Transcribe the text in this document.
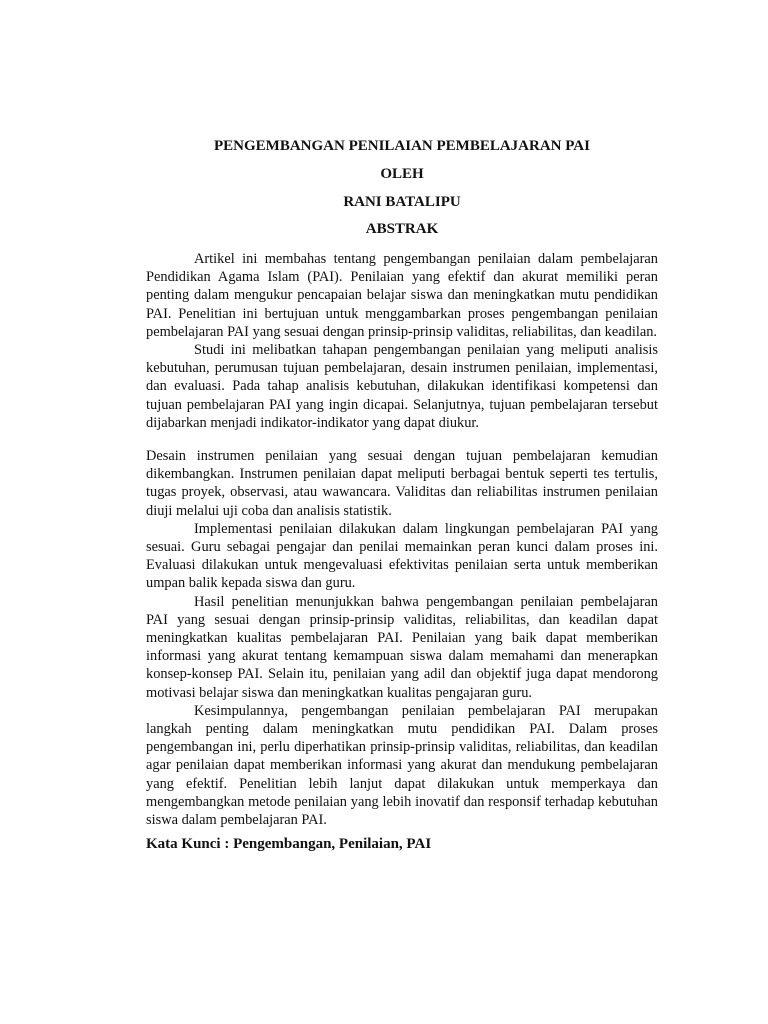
PENGEMBANGAN PENILAIAN PEMBELAJARAN PAI
OLEH
RANI BATALIPU
ABSTRAK

Artikel ini membahas tentang pengembangan penilaian dalam pembelajaran Pendidikan Agama Islam (PAI). Penilaian yang efektif dan akurat memiliki peran penting dalam mengukur pencapaian belajar siswa dan meningkatkan mutu pendidikan PAI. Penelitian ini bertujuan untuk menggambarkan proses pengembangan penilaian pembelajaran PAI yang sesuai dengan prinsip-prinsip validitas, reliabilitas, dan keadilan.

Studi ini melibatkan tahapan pengembangan penilaian yang meliputi analisis kebutuhan, perumusan tujuan pembelajaran, desain instrumen penilaian, implementasi, dan evaluasi. Pada tahap analisis kebutuhan, dilakukan identifikasi kompetensi dan tujuan pembelajaran PAI yang ingin dicapai. Selanjutnya, tujuan pembelajaran tersebut dijabarkan menjadi indikator-indikator yang dapat diukur.

Desain instrumen penilaian yang sesuai dengan tujuan pembelajaran kemudian dikembangkan. Instrumen penilaian dapat meliputi berbagai bentuk seperti tes tertulis, tugas proyek, observasi, atau wawancara. Validitas dan reliabilitas instrumen penilaian diuji melalui uji coba dan analisis statistik.

Implementasi penilaian dilakukan dalam lingkungan pembelajaran PAI yang sesuai. Guru sebagai pengajar dan penilai memainkan peran kunci dalam proses ini. Evaluasi dilakukan untuk mengevaluasi efektivitas penilaian serta untuk memberikan umpan balik kepada siswa dan guru.

Hasil penelitian menunjukkan bahwa pengembangan penilaian pembelajaran PAI yang sesuai dengan prinsip-prinsip validitas, reliabilitas, dan keadilan dapat meningkatkan kualitas pembelajaran PAI. Penilaian yang baik dapat memberikan informasi yang akurat tentang kemampuan siswa dalam memahami dan menerapkan konsep-konsep PAI. Selain itu, penilaian yang adil dan objektif juga dapat mendorong motivasi belajar siswa dan meningkatkan kualitas pengajaran guru.

Kesimpulannya, pengembangan penilaian pembelajaran PAI merupakan langkah penting dalam meningkatkan mutu pendidikan PAI. Dalam proses pengembangan ini, perlu diperhatikan prinsip-prinsip validitas, reliabilitas, dan keadilan agar penilaian dapat memberikan informasi yang akurat dan mendukung pembelajaran yang efektif. Penelitian lebih lanjut dapat dilakukan untuk memperkaya dan mengembangkan metode penilaian yang lebih inovatif dan responsif terhadap kebutuhan siswa dalam pembelajaran PAI.

Kata Kunci : Pengembangan, Penilaian, PAI
